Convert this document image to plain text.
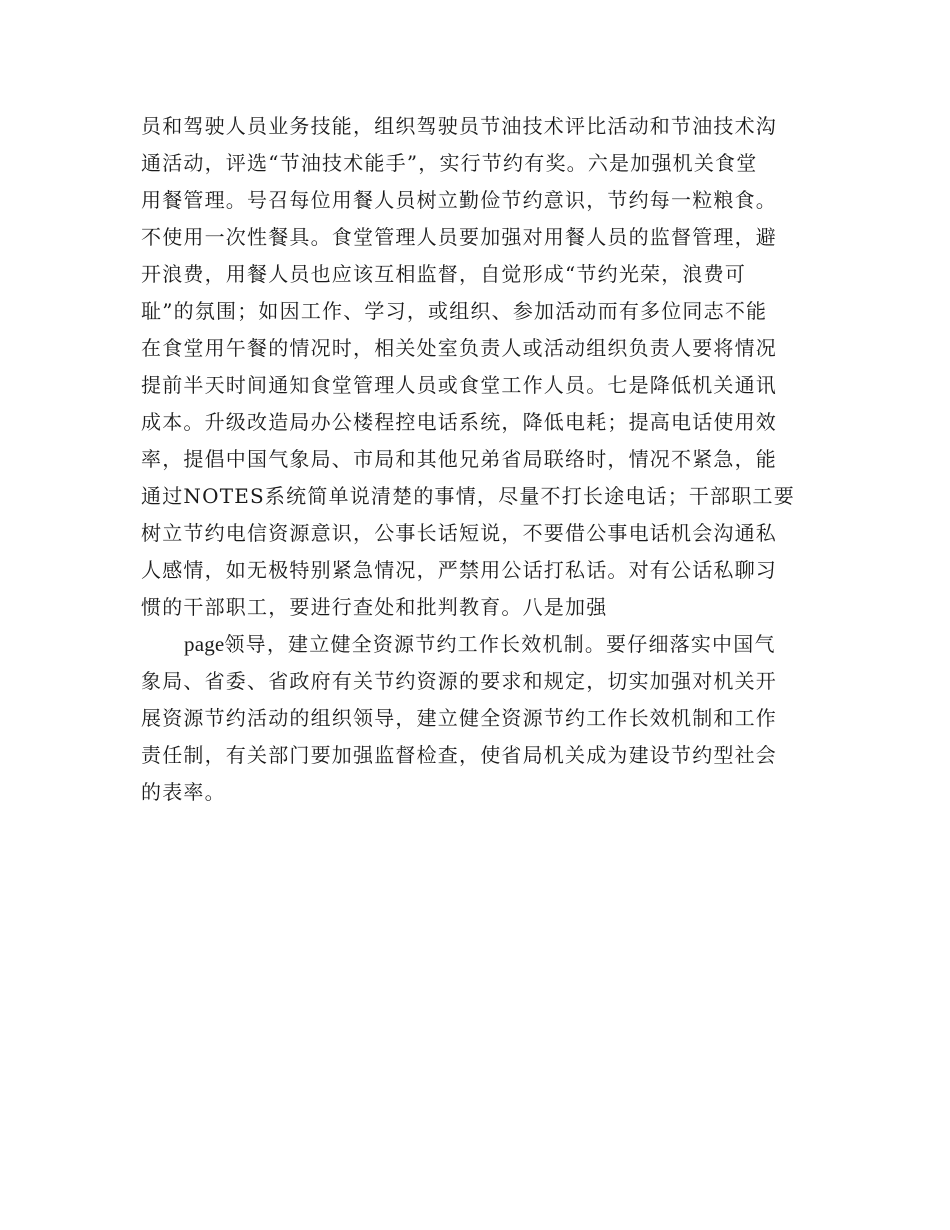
员和驾驶人员业务技能，组织驾驶员节油技术评比活动和节油技术沟
通活动，评选“节油技术能手”，实行节约有奖。六是加强机关食堂
用餐管理。号召每位用餐人员树立勤俭节约意识，节约每一粒粮食。
不使用一次性餐具。食堂管理人员要加强对用餐人员的监督管理，避
开浪费，用餐人员也应该互相监督，自觉形成“节约光荣，浪费可
耻”的氛围；如因工作、学习，或组织、参加活动而有多位同志不能
在食堂用午餐的情况时，相关处室负责人或活动组织负责人要将情况
提前半天时间通知食堂管理人员或食堂工作人员。七是降低机关通讯
成本。升级改造局办公楼程控电话系统，降低电耗；提高电话使用效
率，提倡中国气象局、市局和其他兄弟省局联络时，情况不紧急，能
通过NOTES系统简单说清楚的事情，尽量不打长途电话；干部职工要
树立节约电信资源意识，公事长话短说，不要借公事电话机会沟通私
人感情，如无极特别紧急情况，严禁用公话打私话。对有公话私聊习
惯的干部职工，要进行查处和批判教育。八是加强
page领导，建立健全资源节约工作长效机制。要仔细落实中国气
象局、省委、省政府有关节约资源的要求和规定，切实加强对机关开
展资源节约活动的组织领导，建立健全资源节约工作长效机制和工作
责任制，有关部门要加强监督检查，使省局机关成为建设节约型社会
的表率。
